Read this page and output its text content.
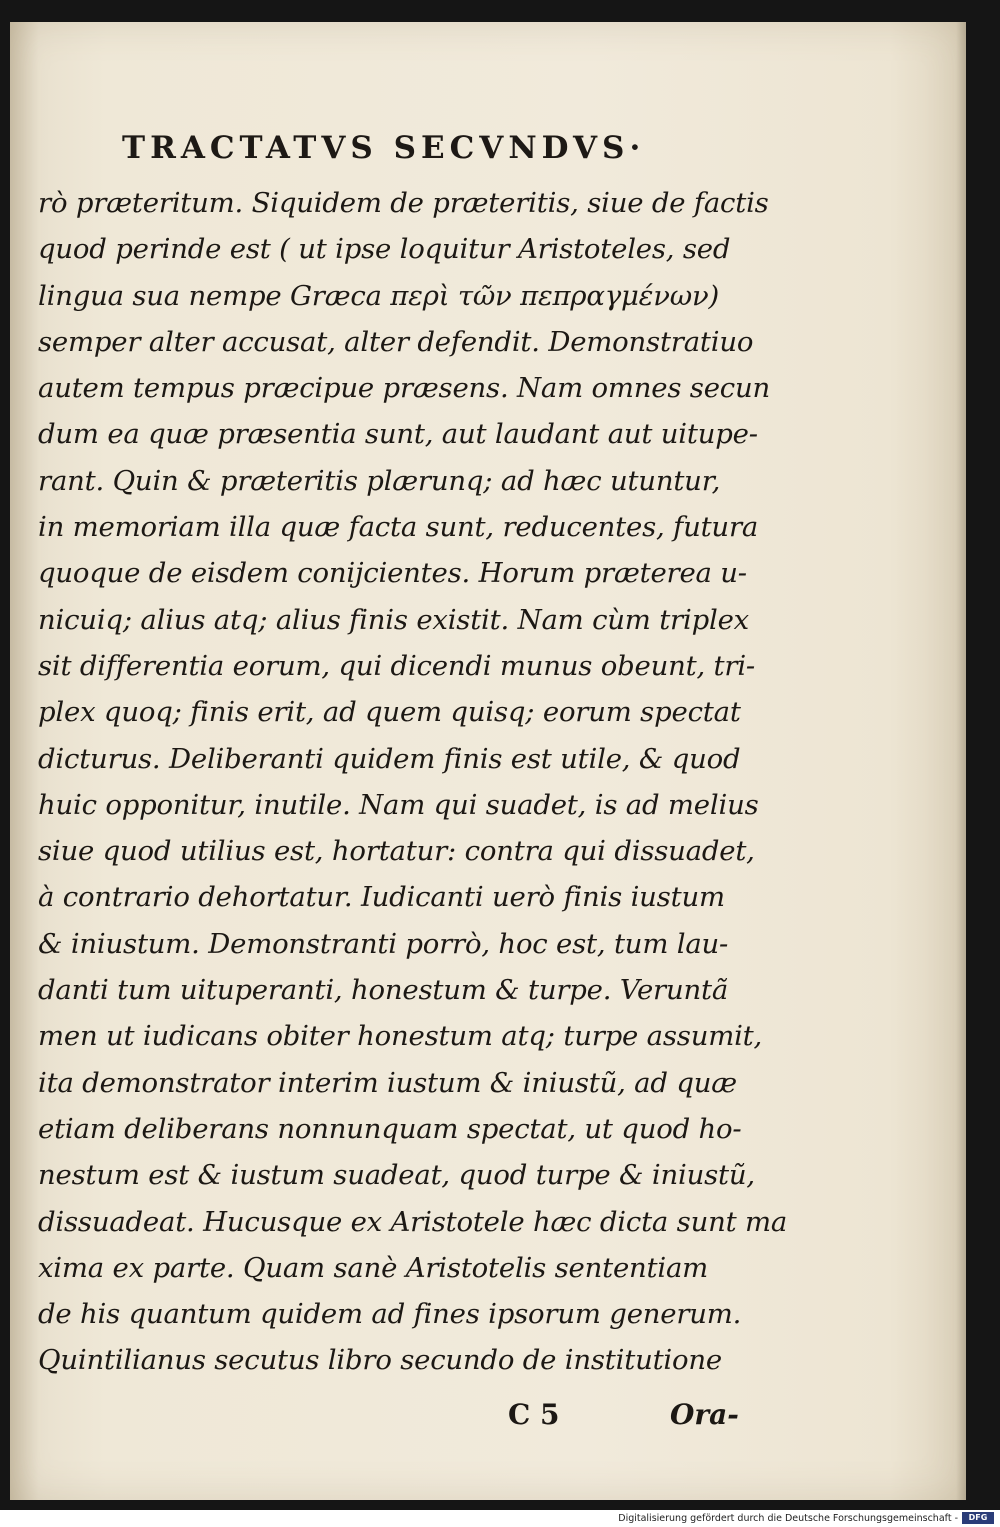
TRACTATVS SECVNDVS·
rò præteritum. Siquidem de præteritis, siue de factis
quod perinde est ( ut ipse loquitur Aristoteles, sed
lingua sua nempe Græca περὶ τῶν πεπραγμένων)
semper alter accusat, alter defendit. Demonstratiuo
autem tempus præcipue præsens. Nam omnes secun
dum ea quæ præsentia sunt, aut laudant aut uitupe-
rant. Quin & præteritis plærunq; ad hæc utuntur,
in memoriam illa quæ facta sunt, reducentes, futura
quoque de eisdem conijcientes. Horum præterea u-
nicuiq; alius atq; alius finis existit. Nam cùm triplex
sit differentia eorum, qui dicendi munus obeunt, tri-
plex quoq; finis erit, ad quem quisq; eorum spectat
dicturus. Deliberanti quidem finis est utile, & quod
huic opponitur, inutile. Nam qui suadet, is ad melius
siue quod utilius est, hortatur: contra qui dissuadet,
à contrario dehortatur. Iudicanti uerò finis iustum
& iniustum. Demonstranti porrò, hoc est, tum lau-
danti tum uituperanti, honestum & turpe. Veruntã
men ut iudicans obiter honestum atq; turpe assumit,
ita demonstrator interim iustum & iniustũ, ad quæ
etiam deliberans nonnunquam spectat, ut quod ho-
nestum est & iustum suadeat, quod turpe & iniustũ,
dissuadeat. Hucusque ex Aristotele hæc dicta sunt ma
xima ex parte. Quam sanè Aristotelis sententiam
de his quantum quidem ad fines ipsorum generum.
Quintilianus secutus libro secundo de institutione
C 5	Ora-
Digitalisierung gefördert durch die Deutsche Forschungsgemeinschaft -	DFG
